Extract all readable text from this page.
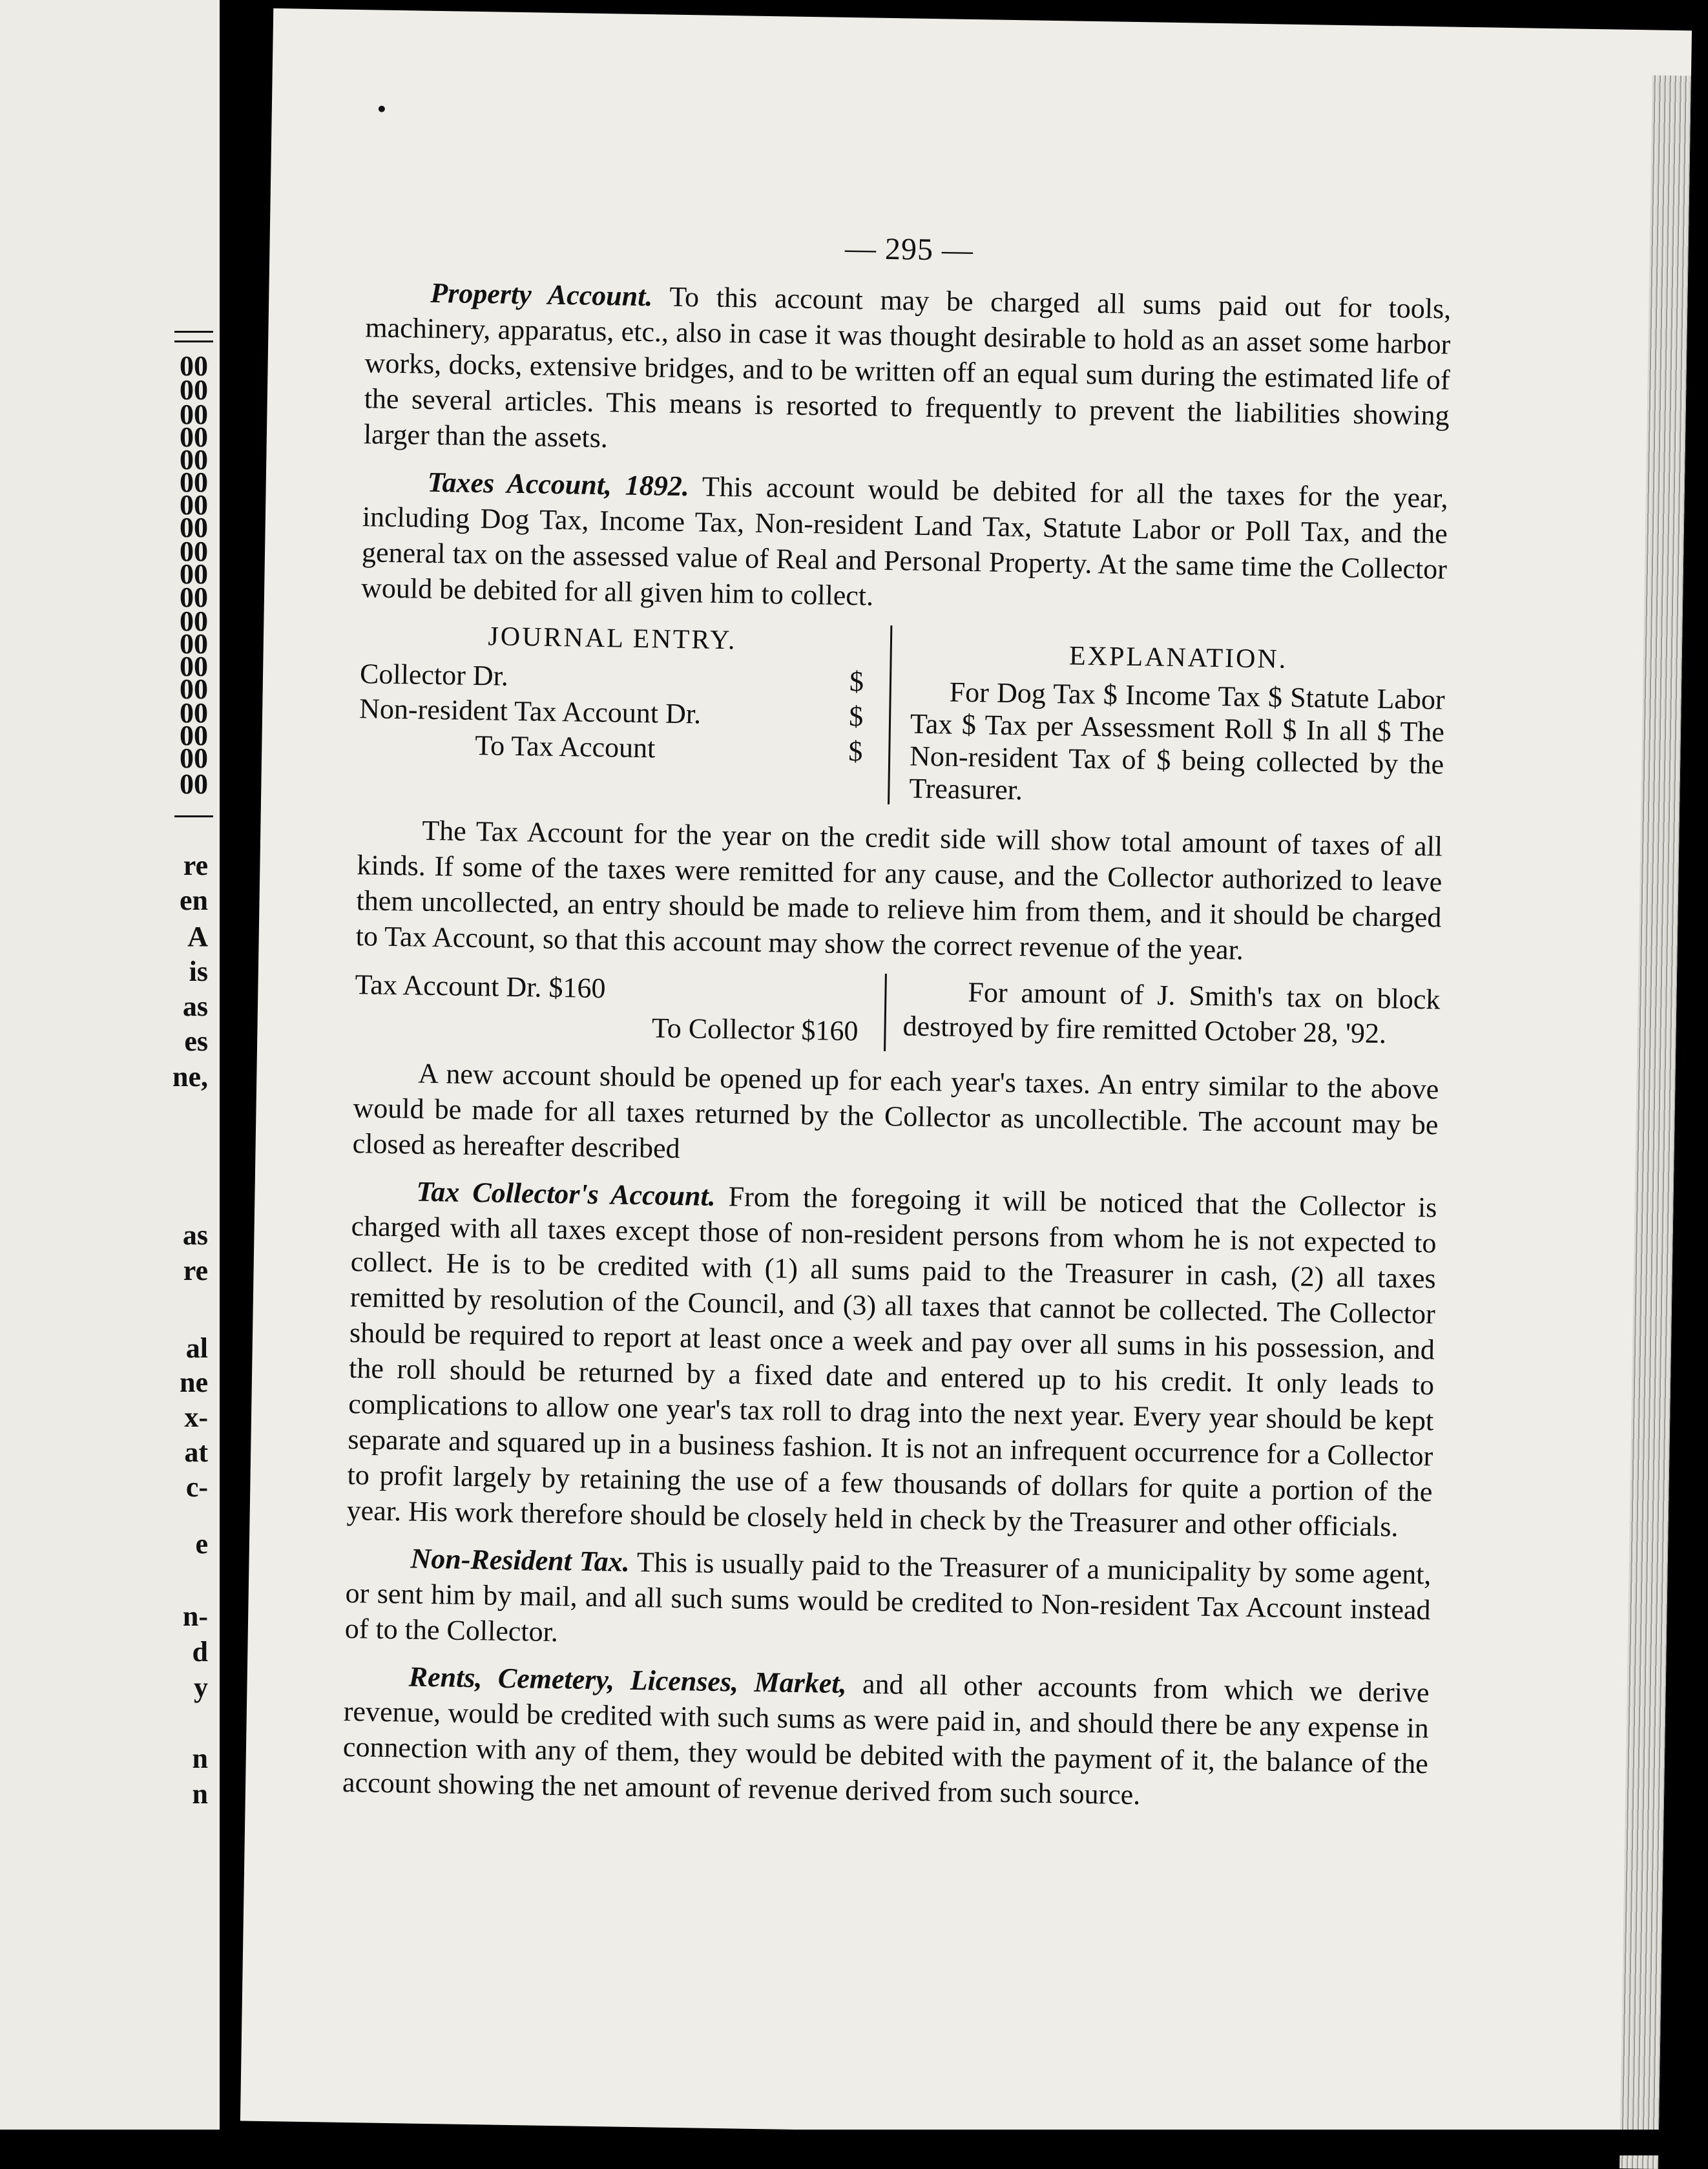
00
00
00
00
00
00
00
00
00
00
00
00
00
00
00
00
00
00
00
re
en
A
is
as
es
ne,
as
re
al
ne
x-
at
c-
e
n-
d
y
n
n
— 295 —

Property Account. To this account may be charged all sums paid out for tools, machinery, apparatus, etc., also in case it was thought desirable to hold as an asset some harbor works, docks, extensive bridges, and to be written off an equal sum during the estimated life of the several articles. This means is resorted to frequently to prevent the liabilities showing larger than the assets.

Taxes Account, 1892. This account would be debited for all the taxes for the year, including Dog Tax, Income Tax, Non-resident Land Tax, Statute Labor or Poll Tax, and the general tax on the assessed value of Real and Personal Property. At the same time the Collector would be debited for all given him to collect.

JOURNAL ENTRY.
Collector Dr.	$
Non-resident Tax Account Dr.	$
To Tax Account	$
EXPLANATION.
For Dog Tax $ Income Tax $ Statute Labor Tax $ Tax per Assessment Roll $ In all $ The Non-resident Tax of $ being collected by the Treasurer.

The Tax Account for the year on the credit side will show total amount of taxes of all kinds. If some of the taxes were remitted for any cause, and the Collector authorized to leave them uncollected, an entry should be made to relieve him from them, and it should be charged to Tax Account, so that this account may show the correct revenue of the year.

Tax Account Dr. $160
To Collector $160
For amount of J. Smith's tax on block destroyed by fire remitted October 28, '92.

A new account should be opened up for each year's taxes. An entry similar to the above would be made for all taxes returned by the Collector as uncollectible. The account may be closed as hereafter described

Tax Collector's Account. From the foregoing it will be noticed that the Collector is charged with all taxes except those of non-resident persons from whom he is not expected to collect. He is to be credited with (1) all sums paid to the Treasurer in cash, (2) all taxes remitted by resolution of the Council, and (3) all taxes that cannot be collected. The Collector should be required to report at least once a week and pay over all sums in his possession, and the roll should be returned by a fixed date and entered up to his credit. It only leads to complications to allow one year's tax roll to drag into the next year. Every year should be kept separate and squared up in a business fashion. It is not an infrequent occurrence for a Collector to profit largely by retaining the use of a few thousands of dollars for quite a portion of the year. His work therefore should be closely held in check by the Treasurer and other officials.

Non-Resident Tax. This is usually paid to the Treasurer of a municipality by some agent, or sent him by mail, and all such sums would be credited to Non-resident Tax Account instead of to the Collector.

Rents, Cemetery, Licenses, Market, and all other accounts from which we derive revenue, would be credited with such sums as were paid in, and should there be any expense in connection with any of them, they would be debited with the payment of it, the balance of the account showing the net amount of revenue derived from such source.
